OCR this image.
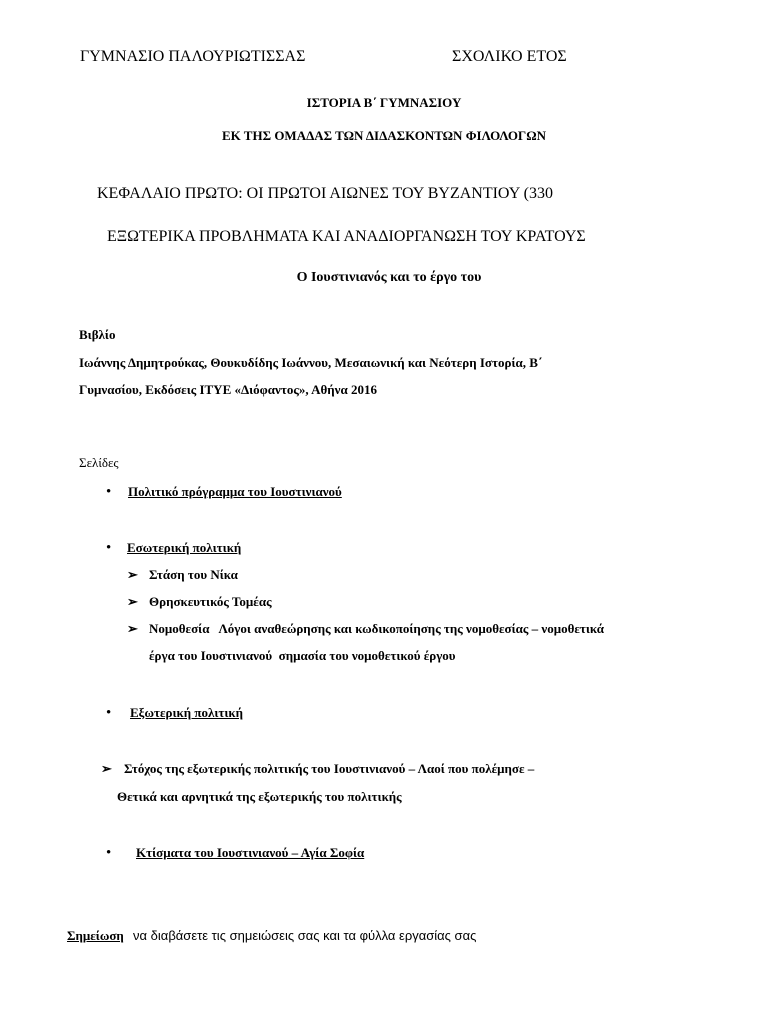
ΓΥΜΝΑΣΙΟ ΠΑΛΟΥΡΙΩΤΙΣΣΑΣ	ΣΧΟΛΙΚΟ ΕΤΟΣ
ΙΣΤΟΡΙΑ Β΄ ΓΥΜΝΑΣΙΟΥ
ΕΚ ΤΗΣ ΟΜΑΔΑΣ ΤΩΝ ΔΙΔΑΣΚΟΝΤΩΝ ΦΙΛΟΛΟΓΩΝ
ΚΕΦΑΛΑΙΟ ΠΡΩΤΟ: ΟΙ ΠΡΩΤΟΙ ΑΙΩΝΕΣ ΤΟΥ ΒΥΖΑΝΤΙΟΥ (330
ΕΞΩΤΕΡΙΚΑ ΠΡΟΒΛΗΜΑΤΑ ΚΑΙ ΑΝΑΔΙΟΡΓΑΝΩΣΗ ΤΟΥ ΚΡΑΤΟΥΣ
Ο Ιουστινιανός και το έργο του
Βιβλίο
Ιωάννης Δημητρούκας, Θουκυδίδης Ιωάννου, Μεσαιωνική και Νεότερη Ιστορία, Β΄
Γυμνασίου, Εκδόσεις ΙΤΥΕ «Διόφαντος», Αθήνα 2016
Σελίδες
• Πολιτικό πρόγραμμα του Ιουστινιανού
• Εσωτερική πολιτική
➢ Στάση του Νίκα
➢ Θρησκευτικός Τομέας
➢ Νομοθεσία   Λόγοι αναθεώρησης και κωδικοποίησης της νομοθεσίας – νομοθετικά
έργα του Ιουστινιανού  σημασία του νομοθετικού έργου
• Εξωτερική πολιτική
➢ Στόχος της εξωτερικής πολιτικής του Ιουστινιανού – Λαοί που πολέμησε –
Θετικά και αρνητικά της εξωτερικής του πολιτικής
• Κτίσματα του Ιουστινιανού – Αγία Σοφία
Σημείωση να διαβάσετε τις σημειώσεις σας και τα φύλλα εργασίας σας
